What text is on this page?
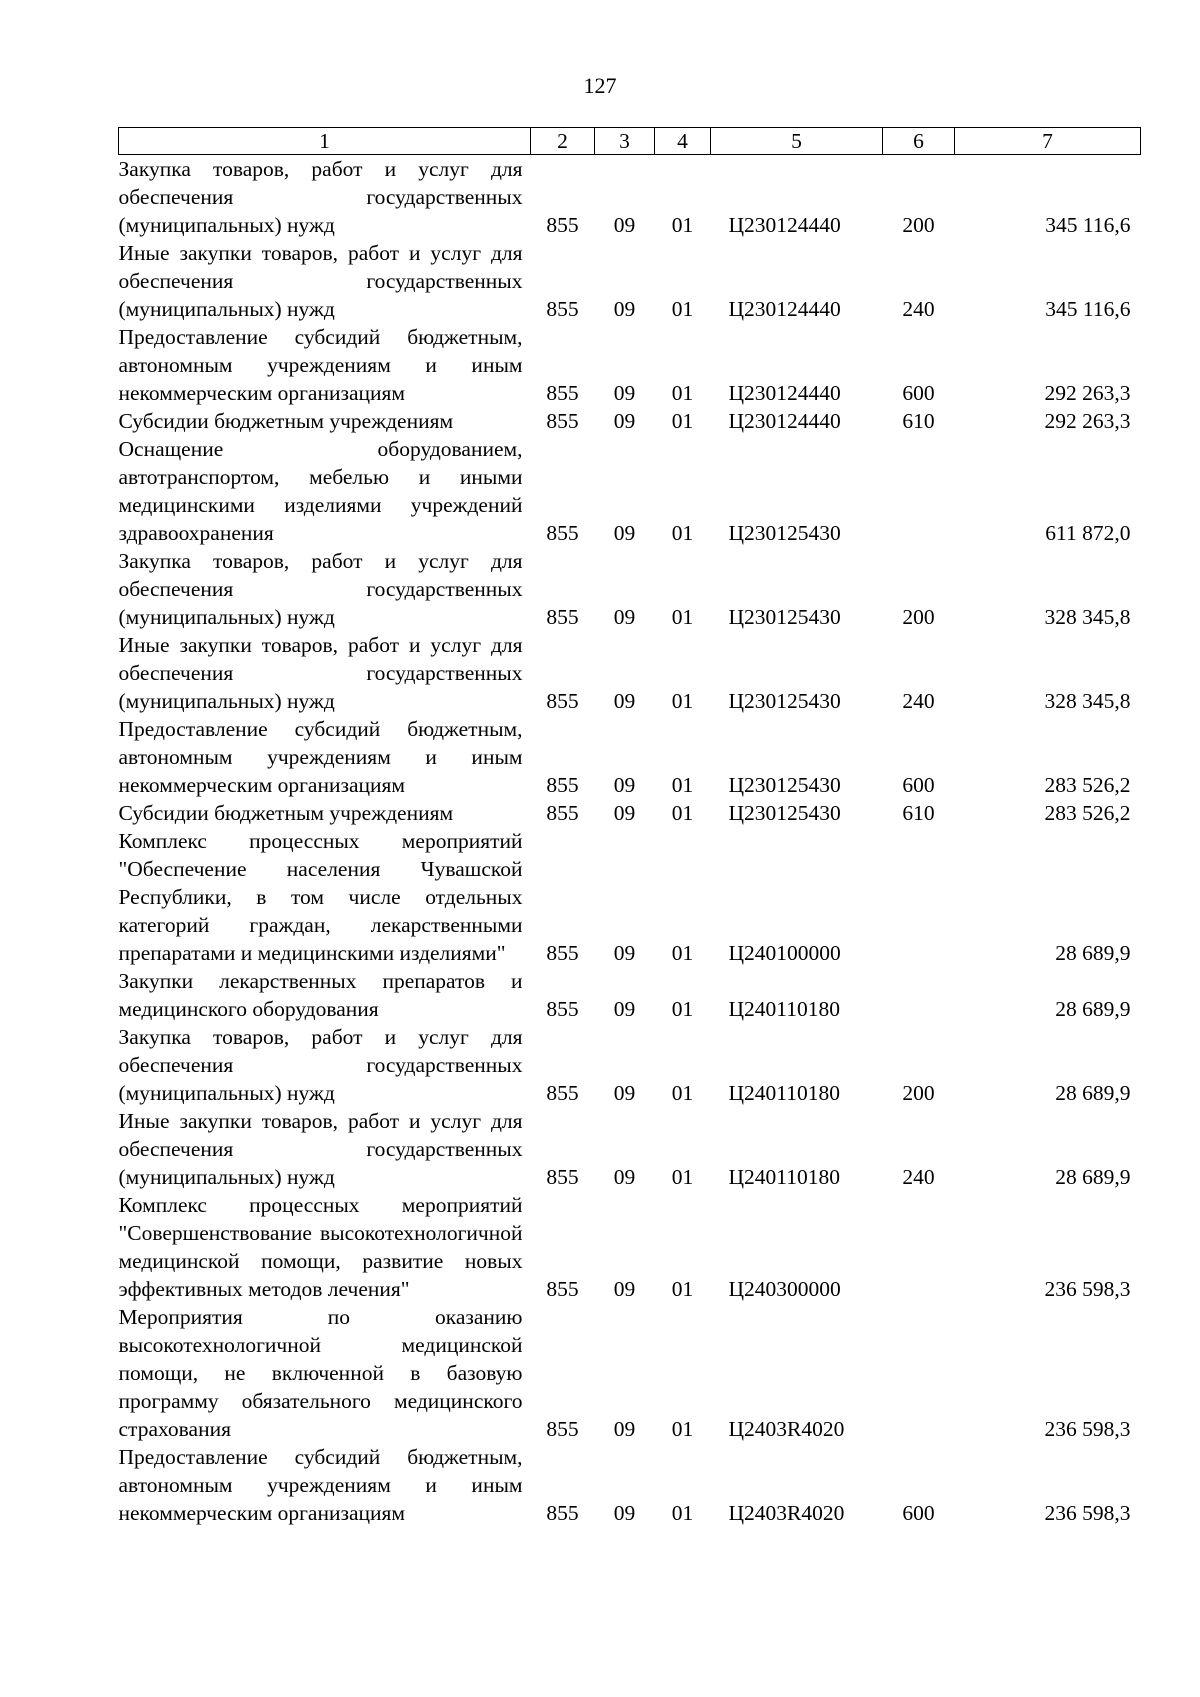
127
1	2	3	4	5	6	7
Закупка товаров, работ и услуг для обеспечения государственных (муниципальных) нужд	855	09	01	Ц230124440	200	345 116,6
Иные закупки товаров, работ и услуг для обеспечения государственных (муниципальных) нужд	855	09	01	Ц230124440	240	345 116,6
Предоставление субсидий бюджетным, автономным учреждениям и иным некоммерческим организациям	855	09	01	Ц230124440	600	292 263,3
Субсидии бюджетным учреждениям	855	09	01	Ц230124440	610	292 263,3
Оснащение оборудованием, автотранспортом, мебелью и иными медицинскими изделиями учреждений здравоохранения	855	09	01	Ц230125430		611 872,0
Закупка товаров, работ и услуг для обеспечения государственных (муниципальных) нужд	855	09	01	Ц230125430	200	328 345,8
Иные закупки товаров, работ и услуг для обеспечения государственных (муниципальных) нужд	855	09	01	Ц230125430	240	328 345,8
Предоставление субсидий бюджетным, автономным учреждениям и иным некоммерческим организациям	855	09	01	Ц230125430	600	283 526,2
Субсидии бюджетным учреждениям	855	09	01	Ц230125430	610	283 526,2
Комплекс процессных мероприятий "Обеспечение населения Чувашской Республики, в том числе отдельных категорий граждан, лекарственными препаратами и медицинскими изделиями"	855	09	01	Ц240100000		28 689,9
Закупки лекарственных препаратов и медицинского оборудования	855	09	01	Ц240110180		28 689,9
Закупка товаров, работ и услуг для обеспечения государственных (муниципальных) нужд	855	09	01	Ц240110180	200	28 689,9
Иные закупки товаров, работ и услуг для обеспечения государственных (муниципальных) нужд	855	09	01	Ц240110180	240	28 689,9
Комплекс процессных мероприятий "Совершенствование высокотехнологичной медицинской помощи, развитие новых эффективных методов лечения"	855	09	01	Ц240300000		236 598,3
Мероприятия по оказанию высокотехнологичной медицинской помощи, не включенной в базовую программу обязательного медицинского страхования	855	09	01	Ц2403R4020		236 598,3
Предоставление субсидий бюджетным, автономным учреждениям и иным некоммерческим организациям	855	09	01	Ц2403R4020	600	236 598,3
